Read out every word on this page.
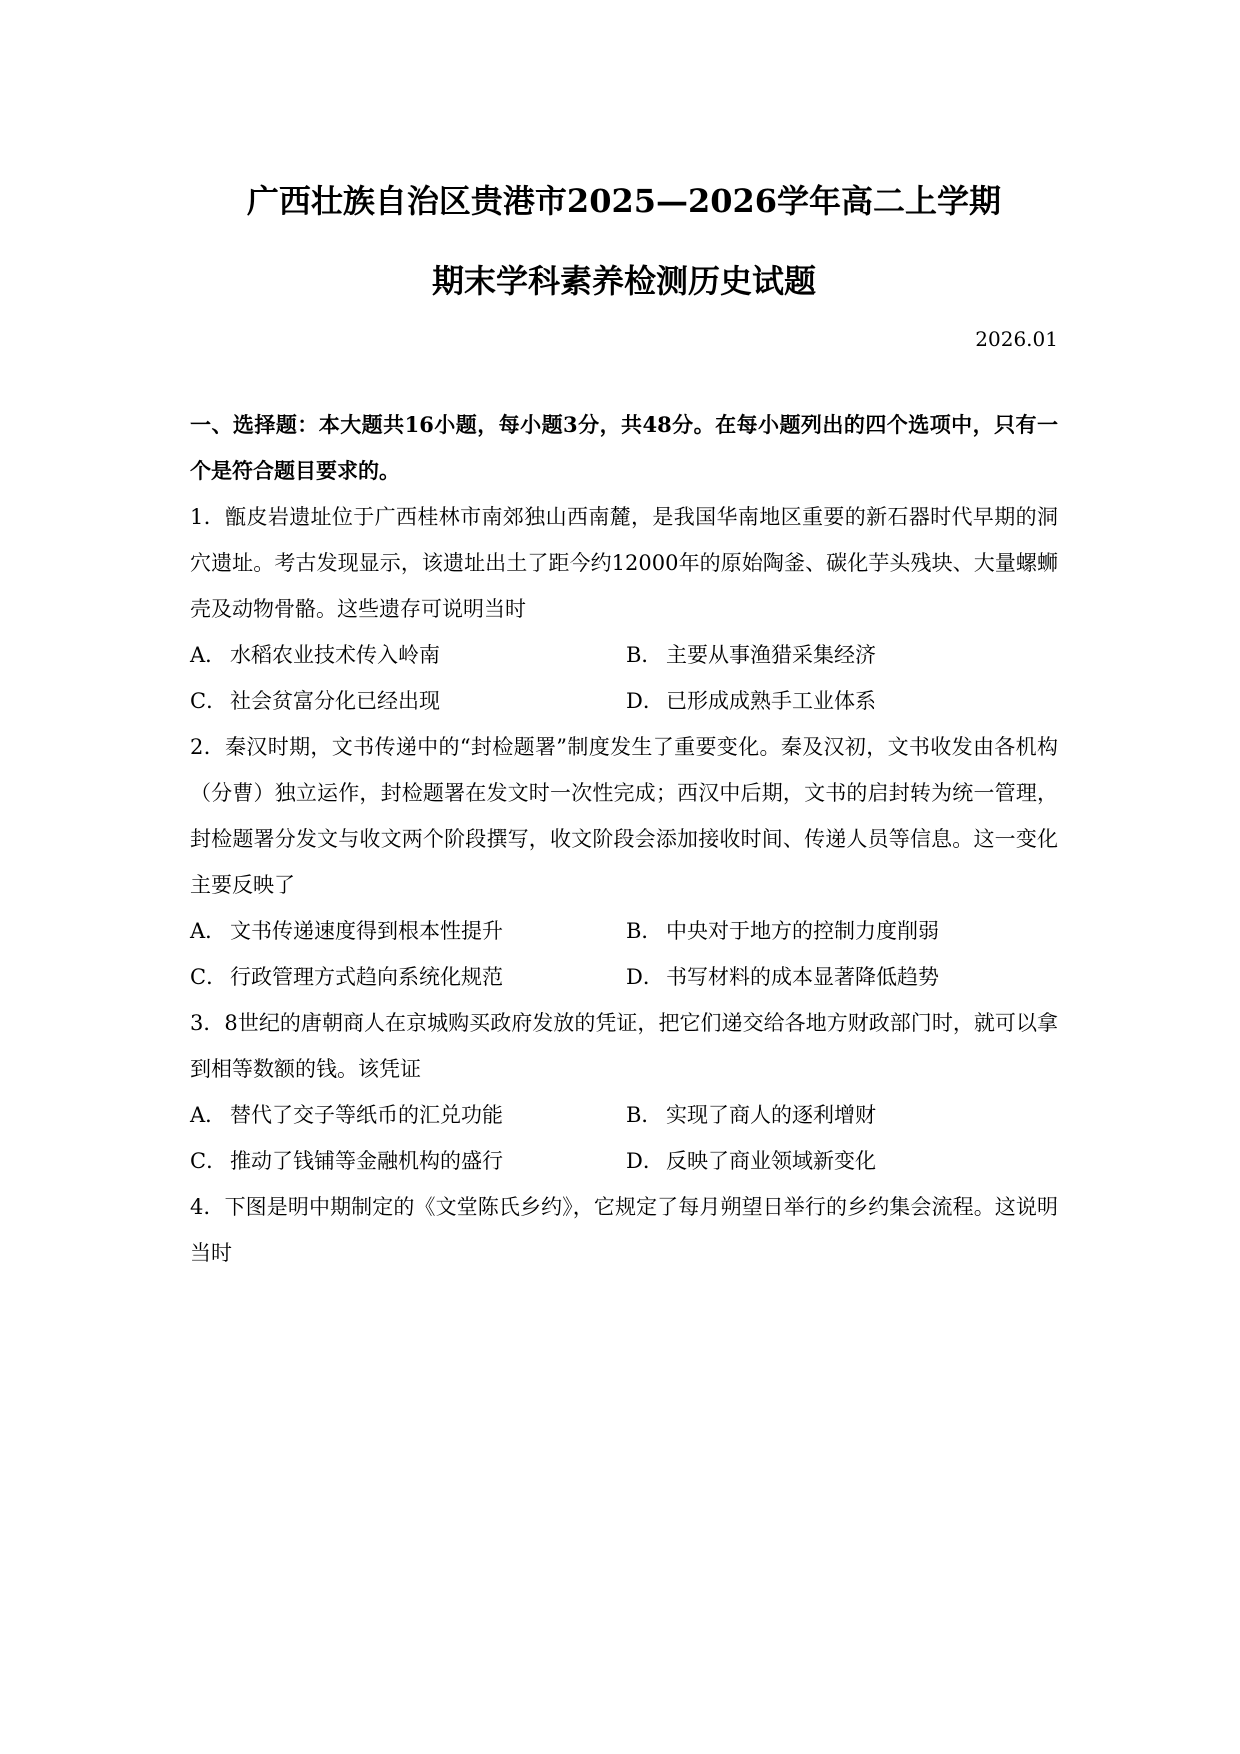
广西壮族自治区贵港市2025—2026学年高二上学期
期末学科素养检测历史试题
2026.01
一、选择题：本大题共16小题，每小题3分，共48分。在每小题列出的四个选项中，只有一个是符合题目要求的。
1．甑皮岩遗址位于广西桂林市南郊独山西南麓，是我国华南地区重要的新石器时代早期的洞穴遗址。考古发现显示，该遗址出土了距今约12000年的原始陶釜、碳化芋头残块、大量螺蛳壳及动物骨骼。这些遗存可说明当时
A． 水稻农业技术传入岭南	B． 主要从事渔猎采集经济
C． 社会贫富分化已经出现	D． 已形成成熟手工业体系
2．秦汉时期，文书传递中的“封检题署”制度发生了重要变化。秦及汉初，文书收发由各机构（分曹）独立运作，封检题署在发文时一次性完成；西汉中后期，文书的启封转为统一管理，封检题署分发文与收文两个阶段撰写，收文阶段会添加接收时间、传递人员等信息。这一变化主要反映了
A． 文书传递速度得到根本性提升	B． 中央对于地方的控制力度削弱
C． 行政管理方式趋向系统化规范	D． 书写材料的成本显著降低趋势
3．8世纪的唐朝商人在京城购买政府发放的凭证，把它们递交给各地方财政部门时，就可以拿到相等数额的钱。该凭证
A． 替代了交子等纸币的汇兑功能	B． 实现了商人的逐利增财
C． 推动了钱铺等金融机构的盛行	D． 反映了商业领域新变化
4．下图是明中期制定的《文堂陈氏乡约》，它规定了每月朔望日举行的乡约集会流程。这说明当时
